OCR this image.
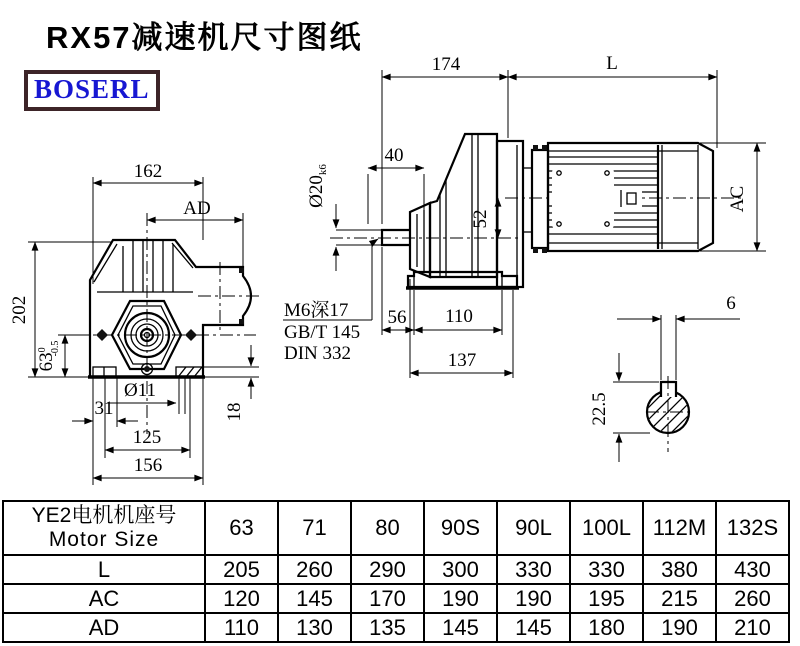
RX57减速机尺寸图纸
BOSERL
162
AD
202
$63^0$ -0.5
31
Ø11
125
156
18
174	L
40
$Ø20_{k6}$
52
M6深17
GB/T 145
DIN 332
56 110
137
AC
6
22.5
YE2电机机座号
Motor Size	63	71	80	90S	90L	100L	112M	132S
L	205	260	290	300	330	330	380	430
AC	120	145	170	190	190	195	215	260
AD	110	130	135	145	145	180	190	210
